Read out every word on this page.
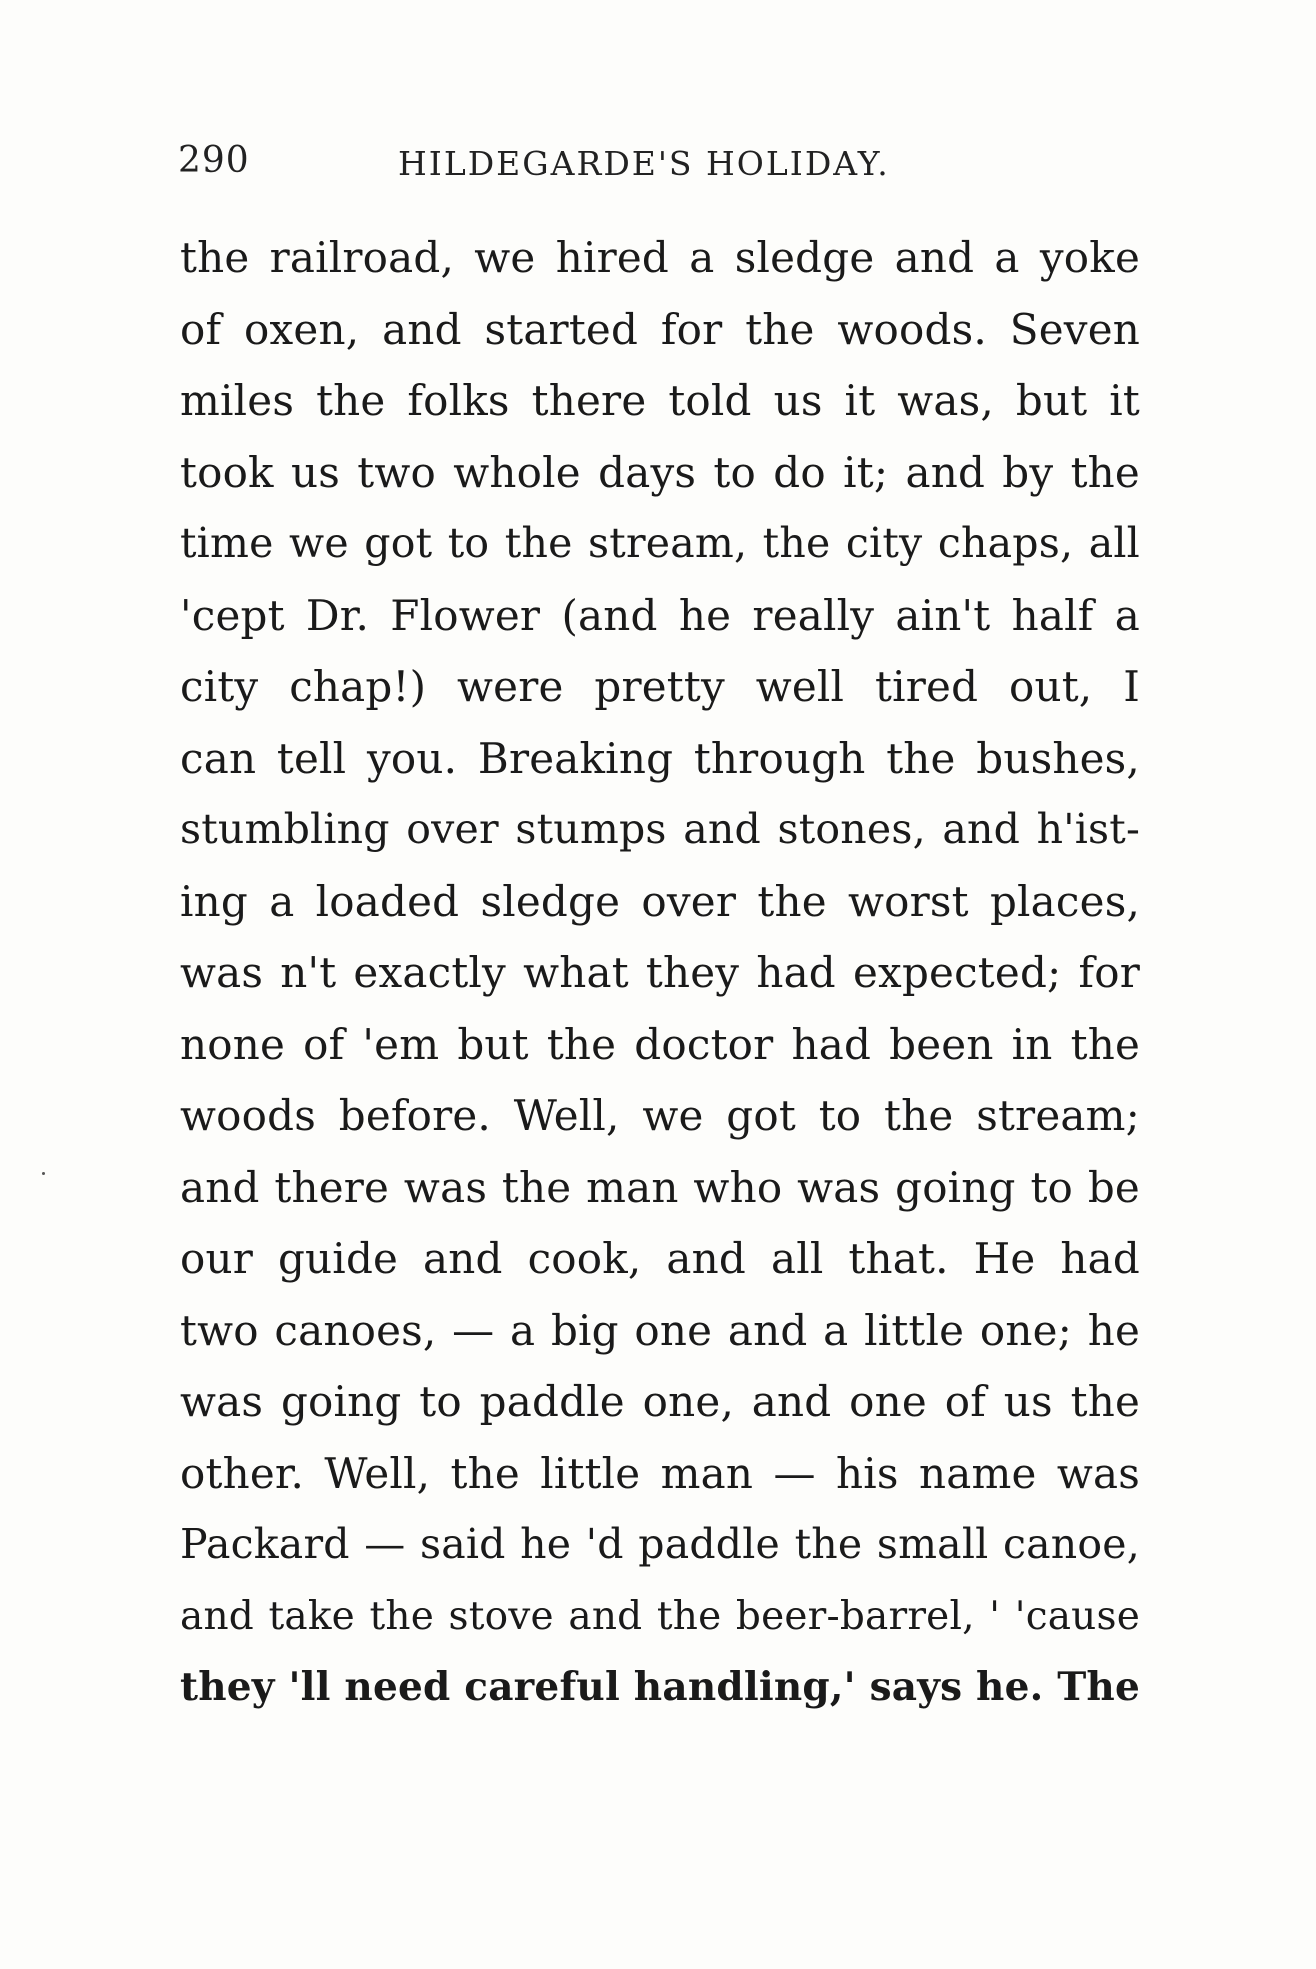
290	HILDEGARDE'S HOLIDAY.
the railroad, we hired a sledge and a yoke
of oxen, and started for the woods. Seven
miles the folks there told us it was, but it
took us two whole days to do it; and by the
time we got to the stream, the city chaps, all
'cept Dr. Flower (and he really ain't half a
city chap!) were pretty well tired out, I
can tell you. Breaking through the bushes,
stumbling over stumps and stones, and h'ist-
ing a loaded sledge over the worst places,
was n't exactly what they had expected; for
none of 'em but the doctor had been in the
woods before. Well, we got to the stream;
and there was the man who was going to be
our guide and cook, and all that. He had
two canoes, — a big one and a little one; he
was going to paddle one, and one of us the
other. Well, the little man — his name was
Packard — said he 'd paddle the small canoe,
and take the stove and the beer-barrel, ' 'cause
they 'll need careful handling,' says he. The
